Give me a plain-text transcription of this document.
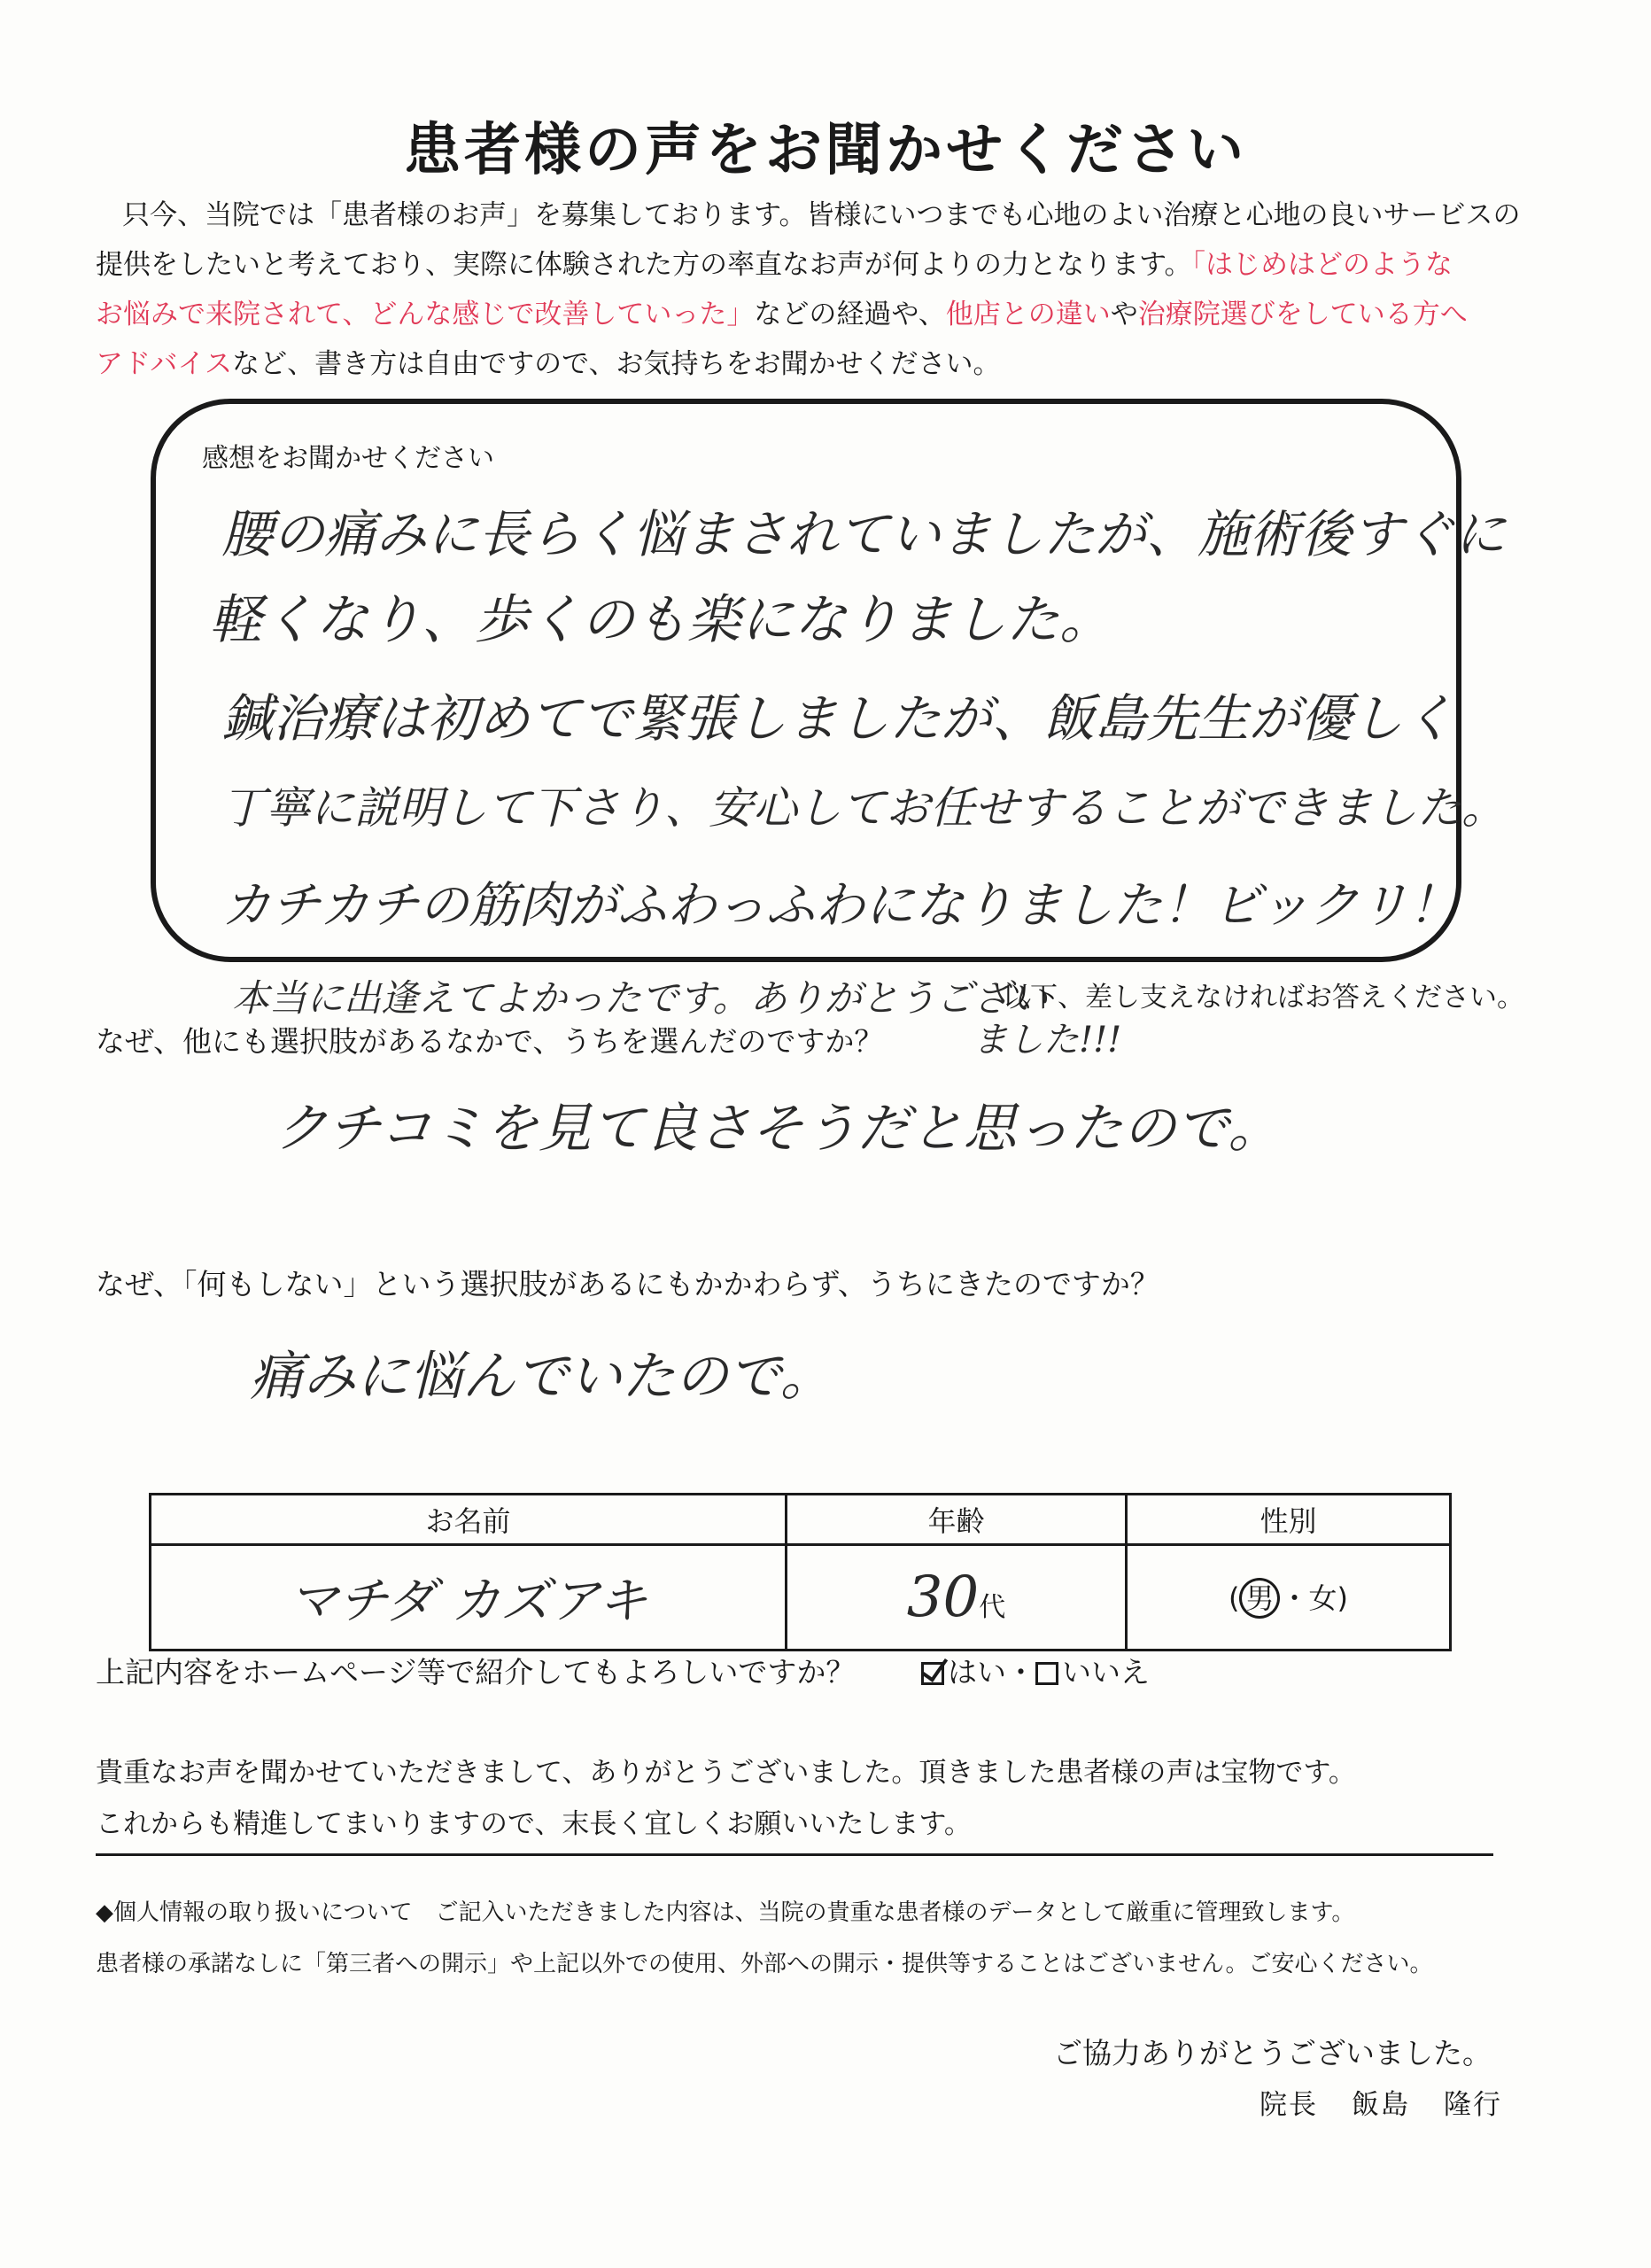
患者様の声をお聞かせください
只今、当院では「患者様のお声」を募集しております。皆様にいつまでも心地のよい治療と心地の良いサービスの
提供をしたいと考えており、実際に体験された方の率直なお声が何よりの力となります。「はじめはどのような
お悩みで来院されて、どんな感じで改善していった」などの経過や、他店との違いや治療院選びをしている方へ
アドバイスなど、書き方は自由ですので、お気持ちをお聞かせください。
感想をお聞かせください
腰の痛みに長らく悩まされていましたが、施術後すぐに
軽くなり、歩くのも楽になりました。
鍼治療は初めてで緊張しましたが、飯島先生が優しく
丁寧に説明して下さり、安心してお任せすることができました。
カチカチの筋肉がふわっふわになりました！ビックリ！
本当に出逢えてよかったです。ありがとうござい
ました!!!
以下、差し支えなければお答えください。
なぜ、他にも選択肢があるなかで、うちを選んだのですか？
クチコミを見て良さそうだと思ったので。
なぜ、「何もしない」という選択肢があるにもかかわらず、うちにきたのですか？
痛みに悩んでいたので。
お名前	年齢	性別
マチダ カズアキ	30代	( 男 ・女)
上記内容をホームページ等で紹介してもよろしいですか？	はい・ いいえ
貴重なお声を聞かせていただきまして、ありがとうございました。頂きました患者様の声は宝物です。
これからも精進してまいりますので、末長く宜しくお願いいたします。
◆個人情報の取り扱いについて　ご記入いただきました内容は、当院の貴重な患者様のデータとして厳重に管理致します。
患者様の承諾なしに「第三者への開示」や上記以外での使用、外部への開示・提供等することはございません。ご安心ください。
ご協力ありがとうございました。
院長 飯島 隆行
